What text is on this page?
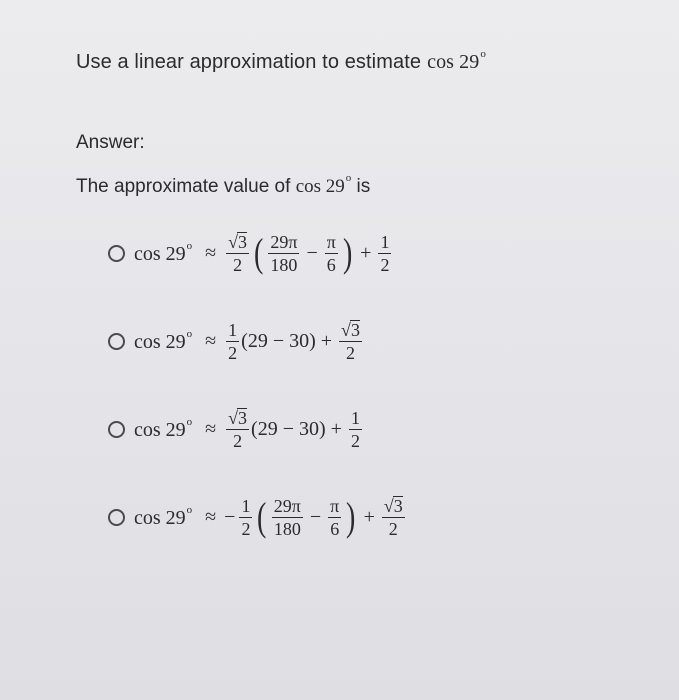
Use a linear approximation to estimate cos 29$^o$
Answer:
The approximate value of cos 29$^o$ is
$\cos 29^o \approx \frac{√ 3}{2}$ ( $\frac{29\pi}{180} - \frac{\pi}{6}$ ) + $\frac{1}{2}$
$\cos 29^o \approx \frac{1}{2} (29 - 30) + \frac{√ 3}{2}$
$\cos 29^o \approx \frac{√ 3}{2} (29 - 30) + \frac{1}{2}$
$\cos 29^o$ ≈ − $\frac{1}{2}$ ( $\frac{29\pi}{180} - \frac{\pi}{6}$ ) + $\frac{√ 3}{2}$
